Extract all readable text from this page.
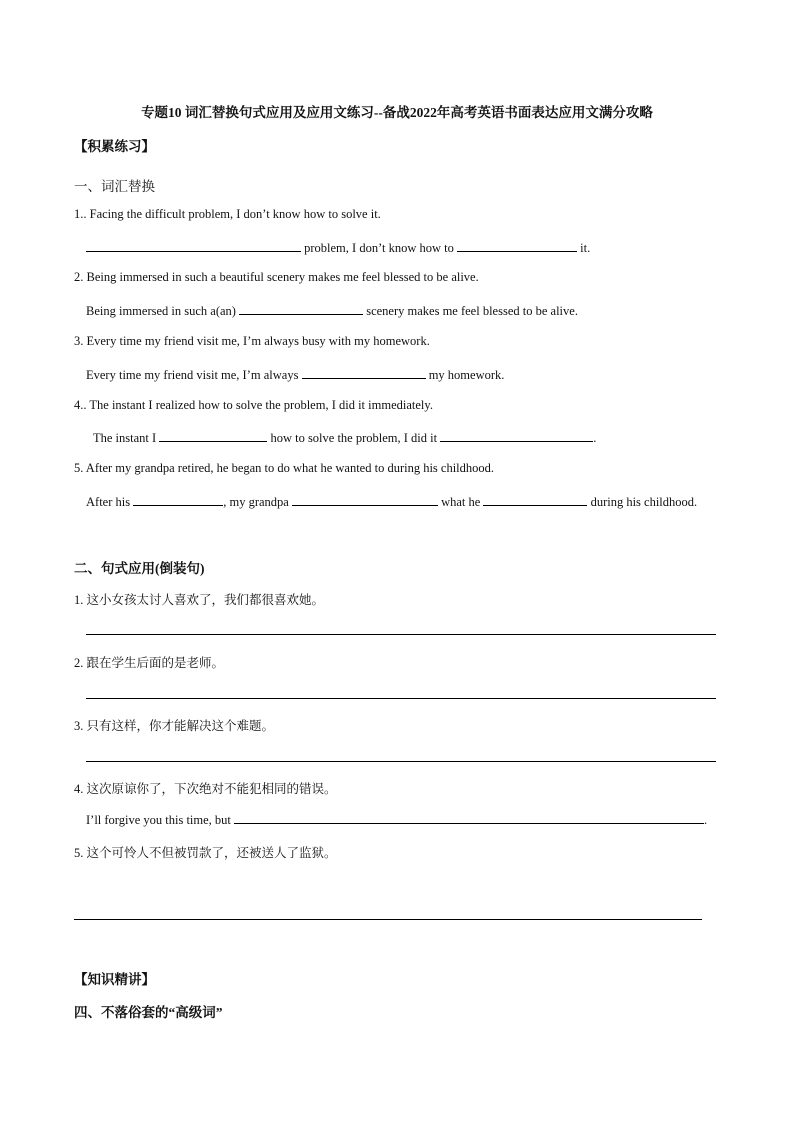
专题10 词汇替换句式应用及应用文练习--备战2022年高考英语书面表达应用文满分攻略
【积累练习】
一、词汇替换
1.. Facing the difficult problem, I don’t know how to solve it.
problem, I don’t know how to	it.
2. Being immersed in such a beautiful scenery makes me feel blessed to be alive.
Being immersed in such a(an)	scenery makes me feel blessed to be alive.
3. Every time my friend visit me, I’m always busy with my homework.
Every time my friend visit me, I’m always	my homework.
4.. The instant I realized how to solve the problem, I did it immediately.
The instant I	how to solve the problem, I did it	.
5. After my grandpa retired, he began to do what he wanted to during his childhood.
After his	, my grandpa	what he	during his childhood.
二、句式应用(倒装句)
1. 这小女孩太讨人喜欢了，我们都很喜欢她。
2. 跟在学生后面的是老师。
3. 只有这样，你才能解决这个难题。
4. 这次原谅你了，下次绝对不能犯相同的错误。
I’ll forgive you this time, but	.
5. 这个可怜人不但被罚款了，还被送人了监狱。
【知识精讲】
四、不落俗套的“高级词”
